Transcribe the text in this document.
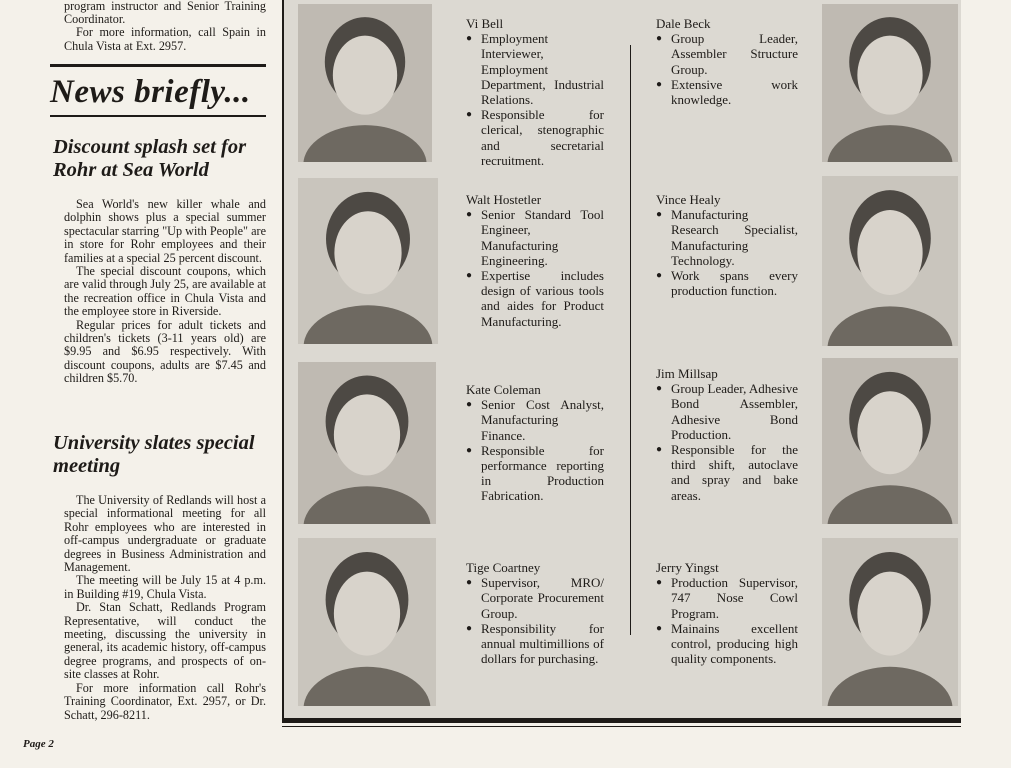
program instructor and Senior Training Coordinator.

For more information, call Spain in Chula Vista at Ext. 2957.

News briefly...
Discount splash set for Rohr at Sea World

Sea World's new killer whale and dolphin shows plus a special summer spectacular starring "Up with People" are in store for Rohr employees and their families at a special 25 percent discount.

The special discount coupons, which are valid through July 25, are available at the recreation office in Chula Vista and the employee store in Riverside.

Regular prices for adult tickets and children's tickets (3-11 years old) are $9.95 and $6.95 respectively. With discount coupons, adults are $7.45 and children $5.70.

University slates special meeting

The University of Redlands will host a special informational meeting for all Rohr employees who are interested in off-campus undergraduate or graduate degrees in Business Administration and Management.

The meeting will be July 15 at 4 p.m. in Building #19, Chula Vista.

Dr. Stan Schatt, Redlands Program Representative, will conduct the meeting, discussing the university in general, its academic history, off-campus degree programs, and prospects of on-site classes at Rohr.

For more information call Rohr's Training Coordinator, Ext. 2957, or Dr. Schatt, 296-8211.

Page 2

Vi Bell

● Employment Interviewer, Employment Department, Industrial Relations.
● Responsible for clerical, stenographic and secretarial recruitment.

Walt Hostetler

● Senior Standard Tool Engineer, Manufacturing Engineering.
● Expertise includes design of various tools and aides for Product Manufacturing.

Kate Coleman

● Senior Cost Analyst, Manufacturing Finance.
● Responsible for performance reporting in Production Fabrication.

Tige Coartney

● Supervisor, MRO/ Corporate Procurement Group.
● Responsibility for annual multimillions of dollars for purchasing.

Dale Beck

● Group Leader, Assembler Structure Group.
● Extensive work knowledge.

Vince Healy

● Manufacturing Research Specialist, Manufacturing Technology.
● Work spans every production function.

Jim Millsap

● Group Leader, Adhesive Bond Assembler, Adhesive Bond Production.
● Responsible for the third shift, autoclave and spray and bake areas.

Jerry Yingst

● Production Supervisor, 747 Nose Cowl Program.
● Mainains excellent control, producing high quality components.
